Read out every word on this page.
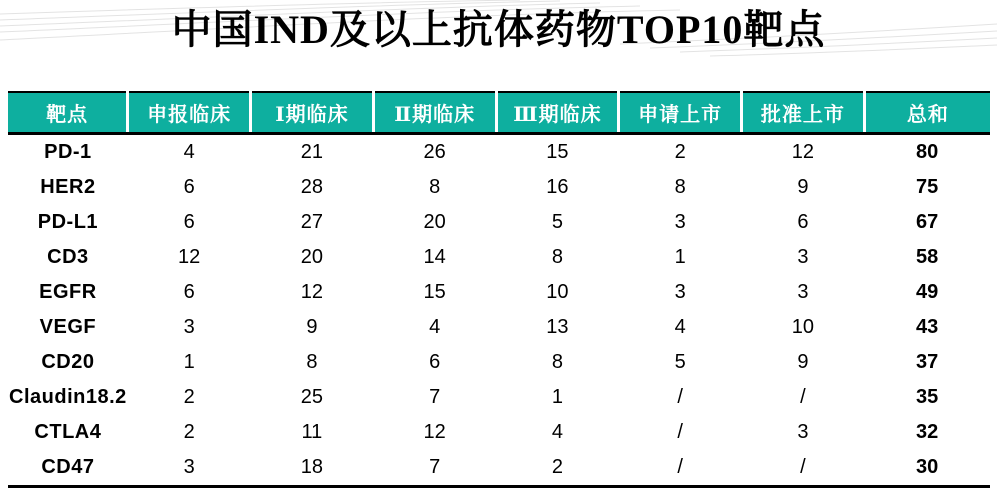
中国IND及以上抗体药物TOP10靶点
靶点	申报临床	Ⅰ期临床	Ⅱ期临床	Ⅲ期临床	申请上市	批准上市	总和
PD-1	4	21	26	15	2	12	80
HER2	6	28	8	16	8	9	75
PD-L1	6	27	20	5	3	6	67
CD3	12	20	14	8	1	3	58
EGFR	6	12	15	10	3	3	49
VEGF	3	9	4	13	4	10	43
CD20	1	8	6	8	5	9	37
Claudin18.2	2	25	7	1	/	/	35
CTLA4	2	11	12	4	/	3	32
CD47	3	18	7	2	/	/	30
